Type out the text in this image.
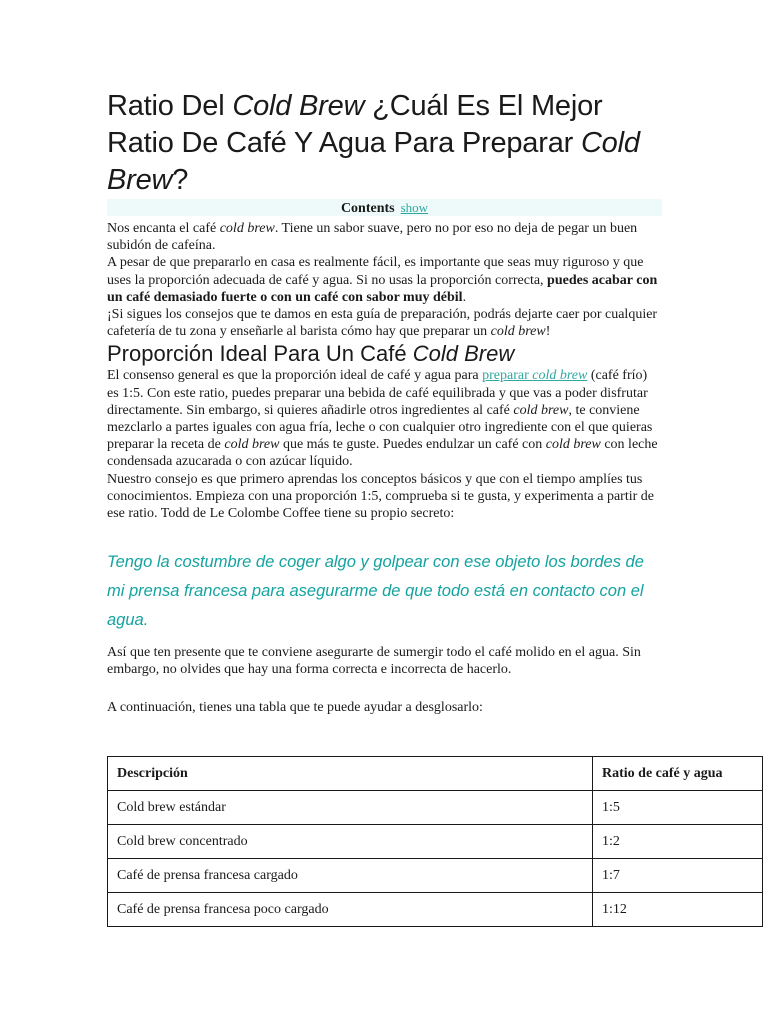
Ratio Del Cold Brew ¿Cuál Es El Mejor Ratio De Café Y Agua Para Preparar Cold Brew?
Contents show

Nos encanta el café cold brew. Tiene un sabor suave, pero no por eso no deja de pegar un buen subidón de cafeína.

A pesar de que prepararlo en casa es realmente fácil, es importante que seas muy riguroso y que uses la proporción adecuada de café y agua. Si no usas la proporción correcta, puedes acabar con un café demasiado fuerte o con un café con sabor muy débil.

¡Si sigues los consejos que te damos en esta guía de preparación, podrás dejarte caer por cualquier cafetería de tu zona y enseñarle al barista cómo hay que preparar un cold brew!

Proporción Ideal Para Un Café Cold Brew

El consenso general es que la proporción ideal de café y agua para preparar cold brew (café frío) es 1:5. Con este ratio, puedes preparar una bebida de café equilibrada y que vas a poder disfrutar directamente. Sin embargo, si quieres añadirle otros ingredientes al café cold brew, te conviene mezclarlo a partes iguales con agua fría, leche o con cualquier otro ingrediente con el que quieras preparar la receta de cold brew que más te guste. Puedes endulzar un café con cold brew con leche condensada azucarada o con azúcar líquido.

Nuestro consejo es que primero aprendas los conceptos básicos y que con el tiempo amplíes tus conocimientos. Empieza con una proporción 1:5, comprueba si te gusta, y experimenta a partir de ese ratio. Todd de Le Colombe Coffee tiene su propio secreto:

Tengo la costumbre de coger algo y golpear con ese objeto los bordes de mi prensa francesa para asegurarme de que todo está en contacto con el agua.

Así que ten presente que te conviene asegurarte de sumergir todo el café molido en el agua. Sin embargo, no olvides que hay una forma correcta e incorrecta de hacerlo.

A continuación, tienes una tabla que te puede ayudar a desglosarlo:

Descripción	Ratio de café y agua
Cold brew estándar	1:5
Cold brew concentrado	1:2
Café de prensa francesa cargado	1:7
Café de prensa francesa poco cargado	1:12
